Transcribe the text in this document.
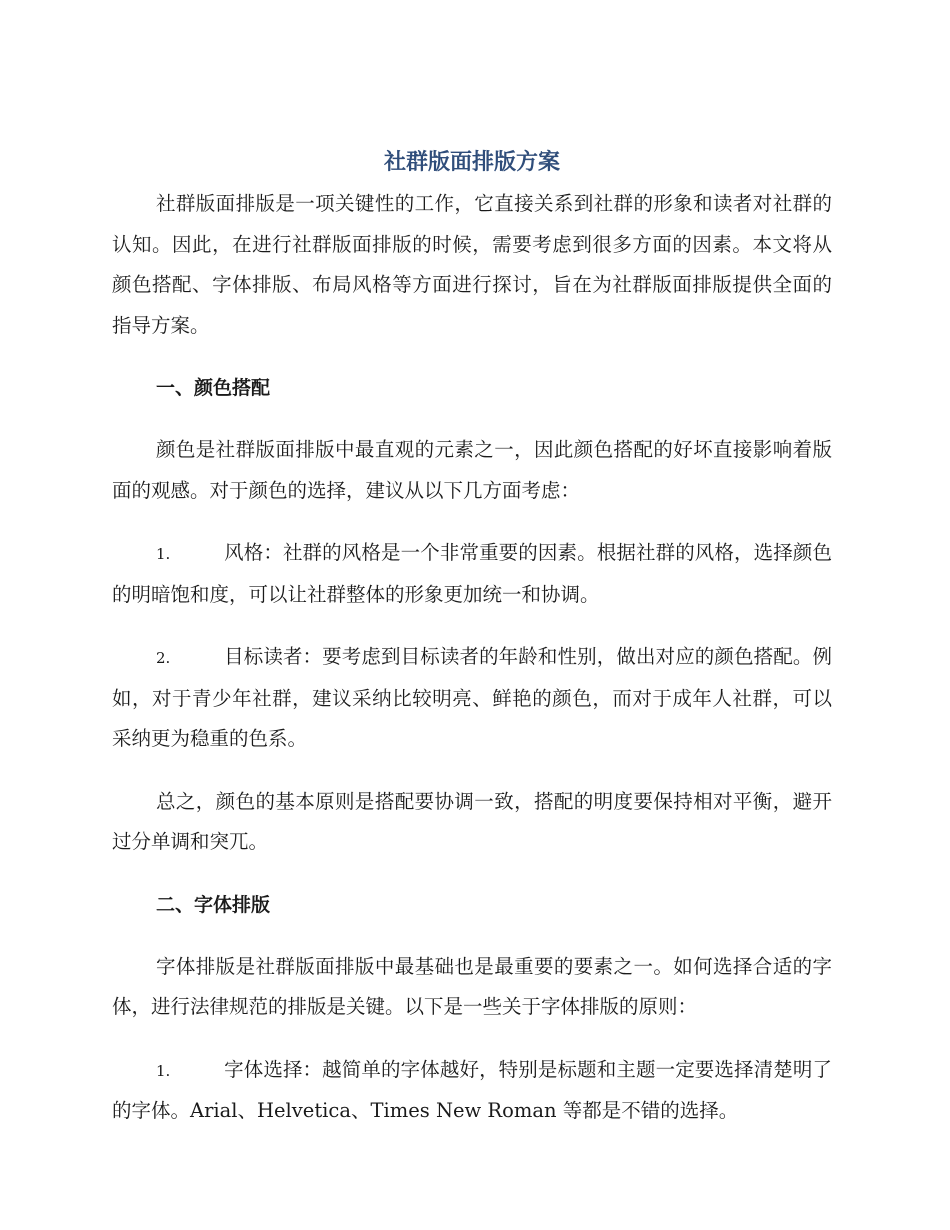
社群版面排版方案

社群版面排版是一项关键性的工作，它直接关系到社群的形象和读者对社群的认知。因此，在进行社群版面排版的时候，需要考虑到很多方面的因素。本文将从颜色搭配、字体排版、布局风格等方面进行探讨，旨在为社群版面排版提供全面的指导方案。

一、颜色搭配

颜色是社群版面排版中最直观的元素之一，因此颜色搭配的好坏直接影响着版面的观感。对于颜色的选择，建议从以下几方面考虑：

1.	风格：社群的风格是一个非常重要的因素。根据社群的风格，选择颜色的明暗饱和度，可以让社群整体的形象更加统一和协调。

2.	目标读者：要考虑到目标读者的年龄和性别，做出对应的颜色搭配。例如，对于青少年社群，建议采纳比较明亮、鲜艳的颜色，而对于成年人社群，可以采纳更为稳重的色系。

总之，颜色的基本原则是搭配要协调一致，搭配的明度要保持相对平衡，避开过分单调和突兀。

二、字体排版

字体排版是社群版面排版中最基础也是最重要的要素之一。如何选择合适的字体，进行法律规范的排版是关键。以下是一些关于字体排版的原则：

1.	字体选择：越简单的字体越好，特别是标题和主题一定要选择清楚明了的字体。Arial、Helvetica、Times New Roman 等都是不错的选择。
